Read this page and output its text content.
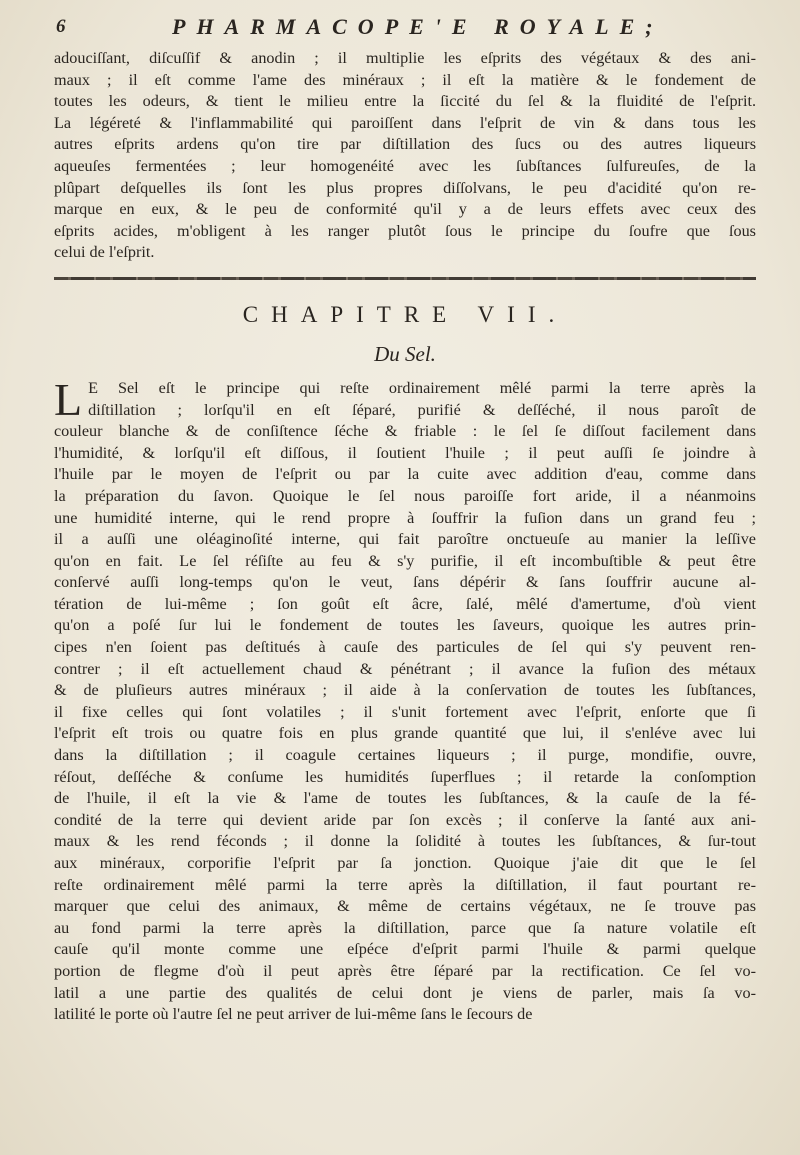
6	PHARMACOPE'E ROYALE;
adouciſſant, diſcuſſif & anodin ; il multiplie les eſprits des végétaux & des ani-
maux ; il eſt comme l'ame des minéraux ; il eſt la matière & le fondement de
toutes les odeurs, & tient le milieu entre la ſiccité du ſel & la fluidité de l'eſprit.
La légéreté & l'inflammabilité qui paroiſſent dans l'eſprit de vin & dans tous les
autres eſprits ardens qu'on tire par diſtillation des ſucs ou des autres liqueurs
aqueuſes fermentées ; leur homogenéité avec les ſubſtances ſulfureuſes, de la
plûpart deſquelles ils ſont les plus propres diſſolvans, le peu d'acidité qu'on re-
marque en eux, & le peu de conformité qu'il y a de leurs effets avec ceux des
eſprits acides, m'obligent à les ranger plutôt ſous le principe du ſoufre que ſous
celui de l'eſprit.
CHAPITRE VII.
Du Sel.
L E Sel eſt le principe qui reſte ordinairement mêlé parmi la terre après la
diſtillation ; lorſqu'il en eſt ſéparé, purifié & deſſéché, il nous paroît de
couleur blanche & de conſiſtence ſéche & friable : le ſel ſe diſſout facilement dans
l'humidité, & lorſqu'il eſt diſſous, il ſoutient l'huile ; il peut auſſi ſe joindre à
l'huile par le moyen de l'eſprit ou par la cuite avec addition d'eau, comme dans
la préparation du ſavon. Quoique le ſel nous paroiſſe fort aride, il a néanmoins
une humidité interne, qui le rend propre à ſouffrir la fuſion dans un grand feu ;
il a auſſi une oléaginoſité interne, qui fait paroître onctueuſe au manier la leſſive
qu'on en fait. Le ſel réſiſte au feu & s'y purifie, il eſt incombuſtible & peut être
conſervé auſſi long-temps qu'on le veut, ſans dépérir & ſans ſouffrir aucune al-
tération de lui-même ; ſon goût eſt âcre, ſalé, mêlé d'amertume, d'où vient
qu'on a poſé ſur lui le fondement de toutes les ſaveurs, quoique les autres prin-
cipes n'en ſoient pas deſtitués à cauſe des particules de ſel qui s'y peuvent ren-
contrer ; il eſt actuellement chaud & pénétrant ; il avance la fuſion des métaux
& de pluſieurs autres minéraux ; il aide à la conſervation de toutes les ſubſtances,
il fixe celles qui ſont volatiles ; il s'unit fortement avec l'eſprit, enſorte que ſi
l'eſprit eſt trois ou quatre fois en plus grande quantité que lui, il s'enléve avec lui
dans la diſtillation ; il coagule certaines liqueurs ; il purge, mondifie, ouvre,
réſout, deſſéche & conſume les humidités ſuperflues ; il retarde la conſomption
de l'huile, il eſt la vie & l'ame de toutes les ſubſtances, & la cauſe de la fé-
condité de la terre qui devient aride par ſon excès ; il conſerve la ſanté aux ani-
maux & les rend féconds ; il donne la ſolidité à toutes les ſubſtances, & ſur-tout
aux minéraux, corporifie l'eſprit par ſa jonction. Quoique j'aie dit que le ſel
reſte ordinairement mêlé parmi la terre après la diſtillation, il faut pourtant re-
marquer que celui des animaux, & même de certains végétaux, ne ſe trouve pas
au fond parmi la terre après la diſtillation, parce que ſa nature volatile eſt
cauſe qu'il monte comme une eſpéce d'eſprit parmi l'huile & parmi quelque
portion de flegme d'où il peut après être ſéparé par la rectification. Ce ſel vo-
latil a une partie des qualités de celui dont je viens de parler, mais ſa vo-
latilité le porte où l'autre ſel ne peut arriver de lui-même ſans le ſecours de
